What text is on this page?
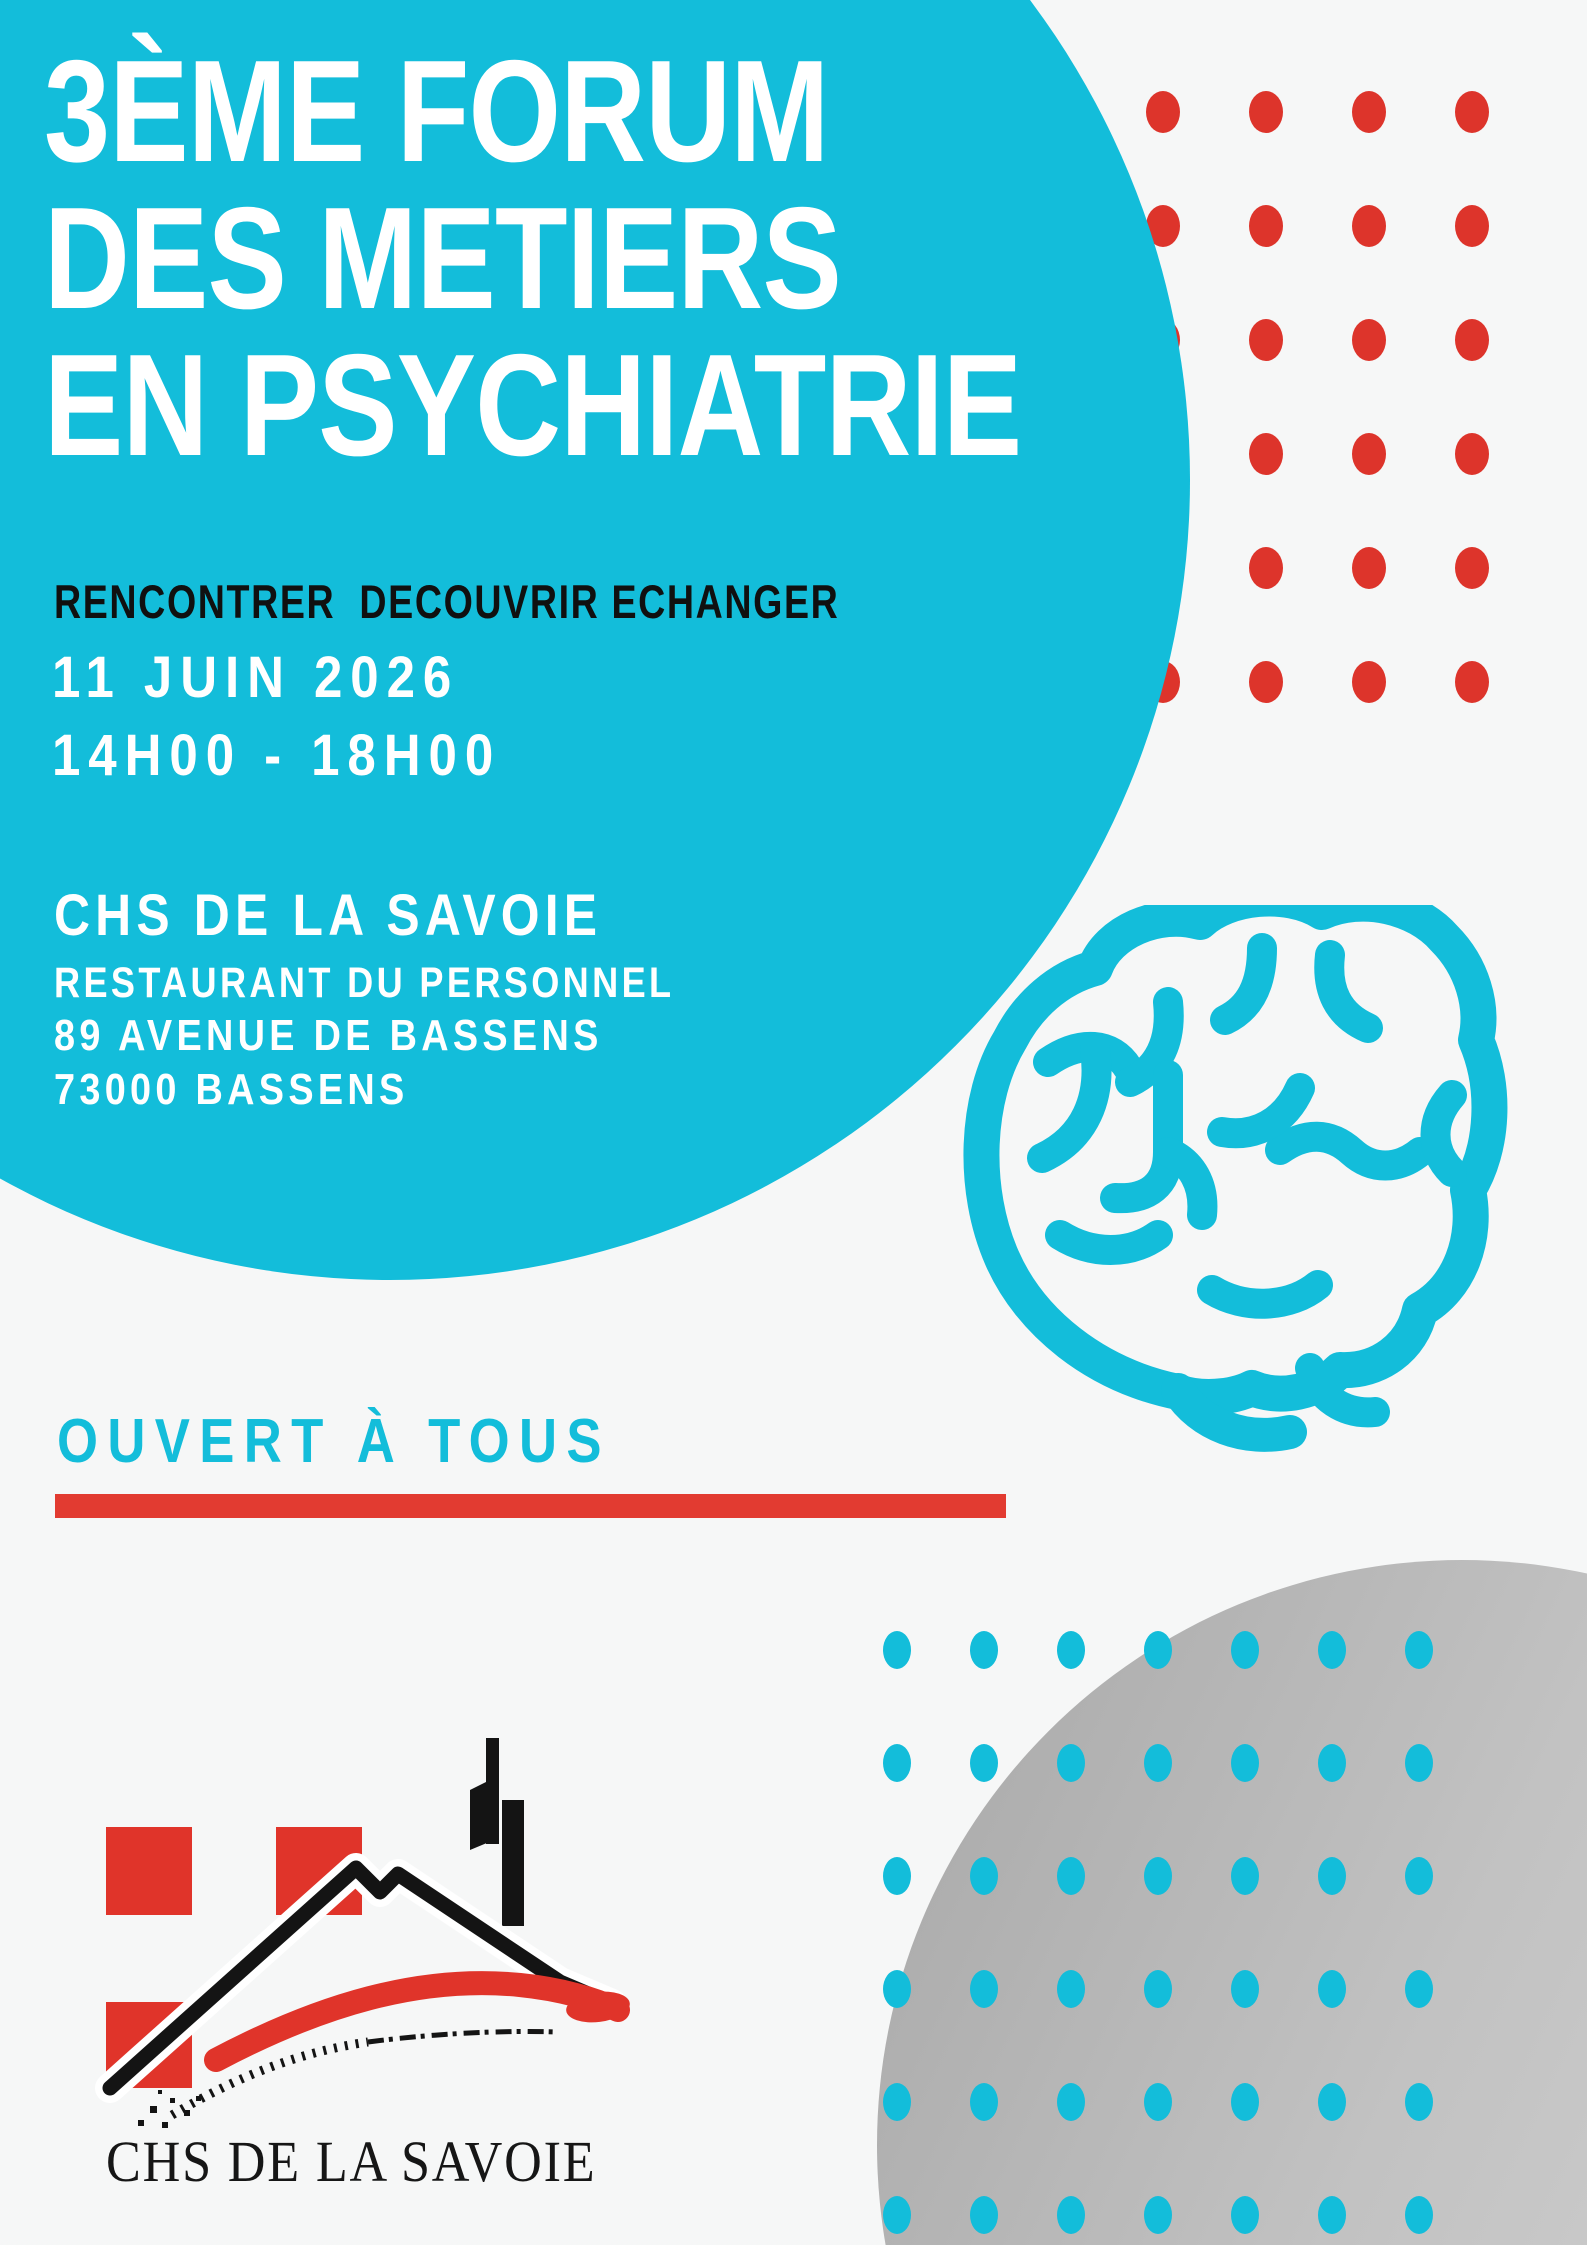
3ÈME FORUM
DES METIERS
EN PSYCHIATRIE
RENCONTRER  DECOUVRIR ECHANGER
11 JUIN 2026
14H00 - 18H00
CHS DE LA SAVOIE
RESTAURANT DU PERSONNEL
89 AVENUE DE BASSENS
73000 BASSENS
OUVERT À TOUS
CHS DE LA SAVOIE
